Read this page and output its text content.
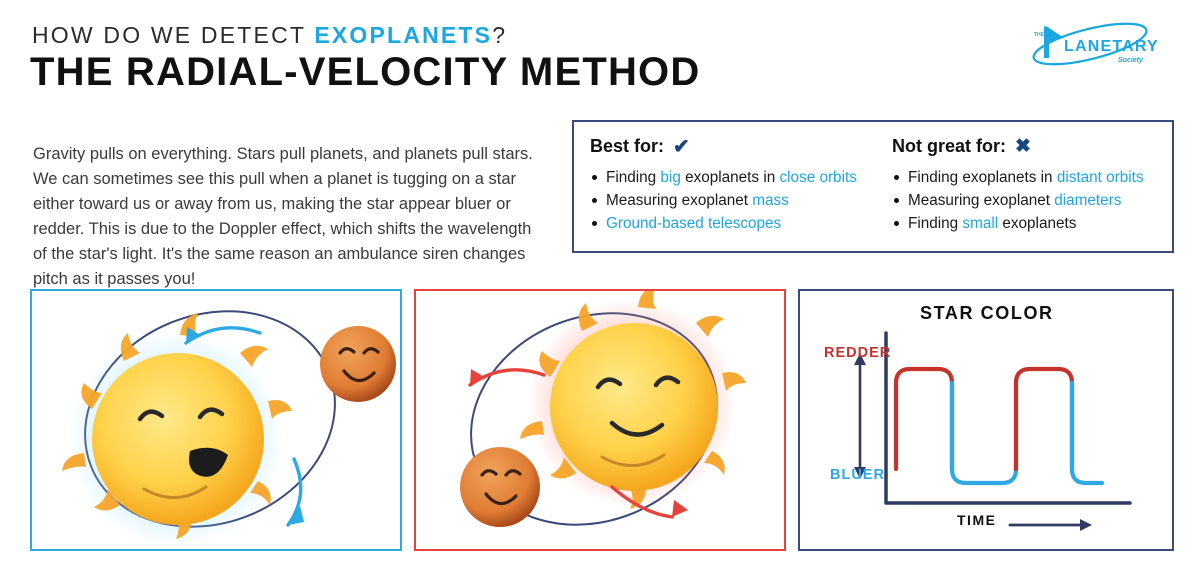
HOW DO WE DETECT EXOPLANETS?
THE RADIAL-VELOCITY METHOD
THE
LANETARY
Society

Gravity pulls on everything. Stars pull planets, and planets pull stars. We can sometimes see this pull when a planet is tugging on a star either toward us or away from us, making the star appear bluer or redder. This is due to the Doppler effect, which shifts the wavelength of the star's light. It's the same reason an ambulance siren changes pitch as it passes you!

Best for: ✔
Finding big exoplanets in close orbits
Measuring exoplanet mass
Ground-based telescopes
Not great for: ✖
Finding exoplanets in distant orbits
Measuring exoplanet diameters
Finding small exoplanets
STAR COLOR
REDDER
BLUER
TIME
